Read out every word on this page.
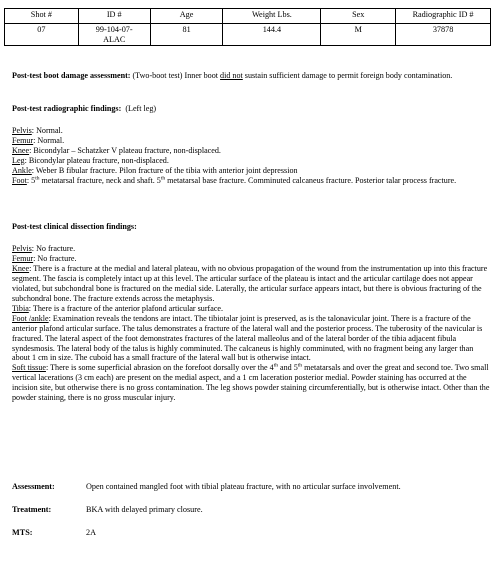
Shot #	ID #	Age	Weight Lbs.	Sex	Radiographic ID #
07	99-104-07-ALAC	81	144.4	M	37878
Post-test boot damage assessment: (Two-boot test) Inner boot did not sustain sufficient damage to permit foreign body contamination.
Post-test radiographic findings: (Left leg)
Pelvis: Normal.
Femur: Normal.
Knee: Bicondylar – Schatzker V plateau fracture, non-displaced.
Leg: Bicondylar plateau fracture, non-displaced.
Ankle: Weber B fibular fracture. Pilon fracture of the tibia with anterior joint depression
Foot: 5th metatarsal fracture, neck and shaft. 5th metatarsal base fracture. Comminuted calcaneus fracture. Posterior talar process fracture.
Post-test clinical dissection findings:
Pelvis: No fracture.
Femur: No fracture.
Knee: There is a fracture at the medial and lateral plateau, with no obvious propagation of the wound from the instrumentation up into this fracture segment. The fascia is completely intact up at this level. The articular surface of the plateau is intact and the articular cartilage does not appear violated, but subchondral bone is fractured on the medial side. Laterally, the articular surface appears intact, but there is obvious fracturing of the subchondral bone. The fracture extends across the metaphysis.
Tibia: There is a fracture of the anterior plafond articular surface.
Foot /ankle: Examination reveals the tendons are intact. The tibiotalar joint is preserved, as is the talonavicular joint. There is a fracture of the anterior plafond articular surface. The talus demonstrates a fracture of the lateral wall and the posterior process. The tuberosity of the navicular is fractured. The lateral aspect of the foot demonstrates fractures of the lateral malleolus and of the lateral border of the tibia adjacent fibula syndesmosis. The lateral body of the talus is highly comminuted. The calcaneus is highly comminuted, with no fragment being any larger than about 1 cm in size. The cuboid has a small fracture of the lateral wall but is otherwise intact.
Soft tissue: There is some superficial abrasion on the forefoot dorsally over the 4th and 5th metatarsals and over the great and second toe. Two small vertical lacerations (3 cm each) are present on the medial aspect, and a 1 cm laceration posterior medial. Powder staining has occurred at the incision site, but otherwise there is no gross contamination. The leg shows powder staining circumferentially, but is otherwise intact. Other than the powder staining, there is no gross muscular injury.
Assessment:	Open contained mangled foot with tibial plateau fracture, with no articular surface involvement.
Treatment:	BKA with delayed primary closure.
MTS:	2A
